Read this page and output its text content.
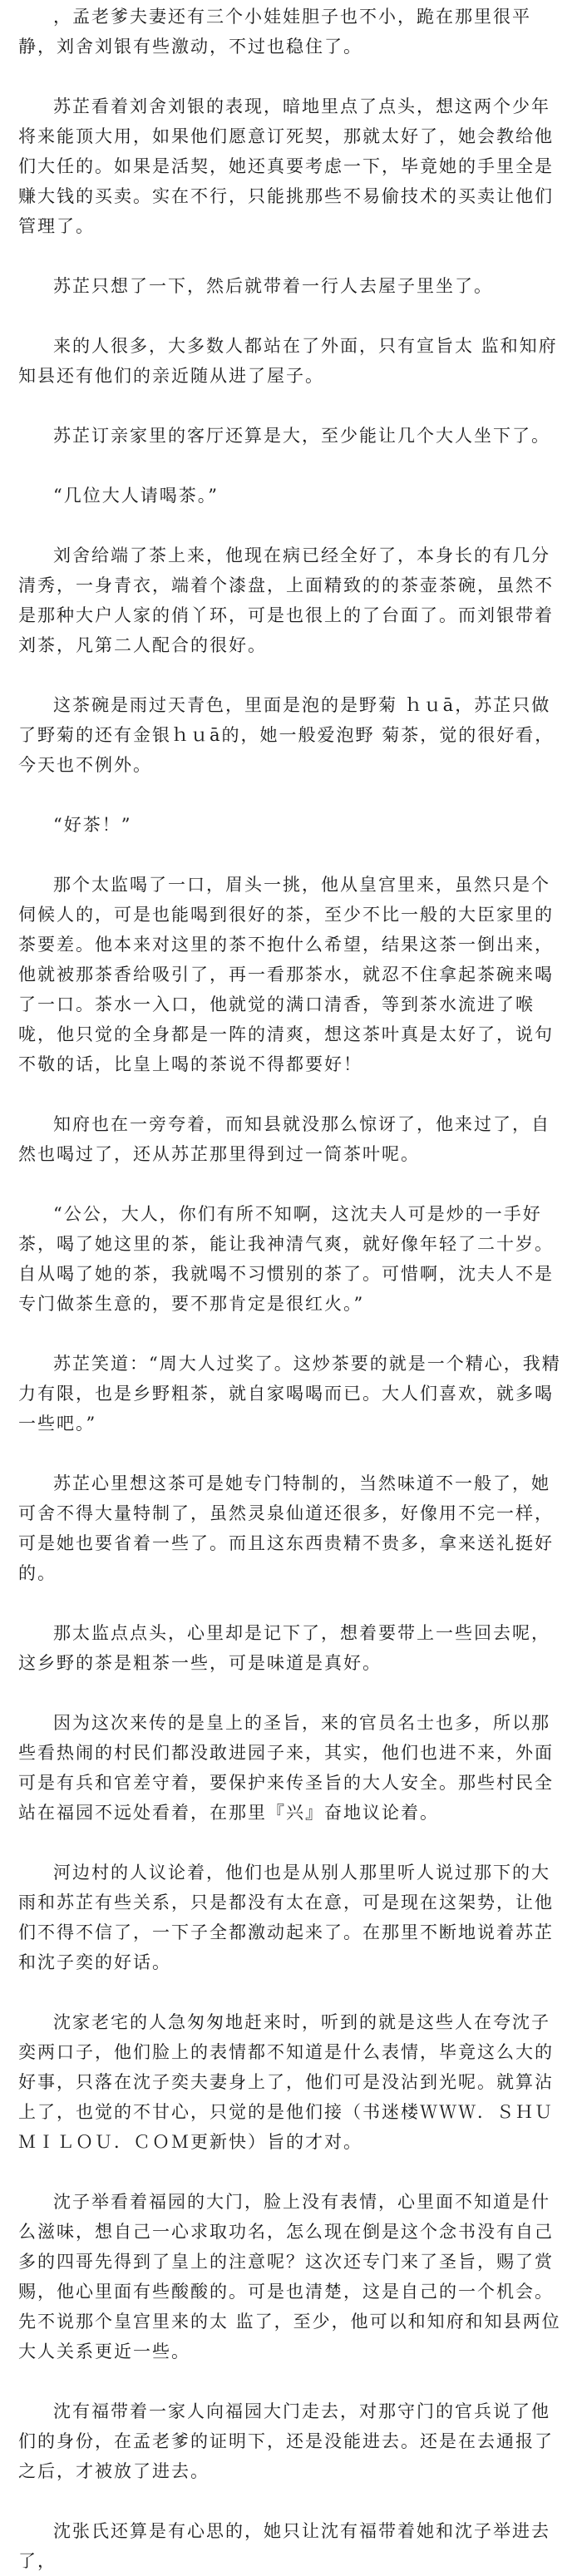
，孟老爹夫妻还有三个小娃娃胆子也不小，跪在那里很平静，刘舍刘银有些激动，不过也稳住了。

苏芷看着刘舍刘银的表现，暗地里点了点头，想这两个少年将来能顶大用，如果他们愿意订死契，那就太好了，她会教给他们大任的。如果是活契，她还真要考虑一下，毕竟她的手里全是赚大钱的买卖。实在不行，只能挑那些不易偷技术的买卖让他们管理了。

苏芷只想了一下，然后就带着一行人去屋子里坐了。

来的人很多，大多数人都站在了外面，只有宣旨太 监和知府知县还有他们的亲近随从进了屋子。

苏芷订亲家里的客厅还算是大，至少能让几个大人坐下了。

“几位大人请喝茶。”

刘舍给端了茶上来，他现在病已经全好了，本身长的有几分清秀，一身青衣，端着个漆盘，上面精致的的茶壶茶碗，虽然不是那种大户人家的俏丫环，可是也很上的了台面了。而刘银带着刘茶，凡第二人配合的很好。

这茶碗是雨过天青色，里面是泡的是野菊 ｈｕā，苏芷只做了野菊的还有金银ｈｕā的，她一般爱泡野 菊茶，觉的很好看，今天也不例外。

“好茶！”

那个太监喝了一口，眉头一挑，他从皇宫里来，虽然只是个伺候人的，可是也能喝到很好的茶，至少不比一般的大臣家里的茶要差。他本来对这里的茶不抱什么希望，结果这茶一倒出来，他就被那茶香给吸引了，再一看那茶水，就忍不住拿起茶碗来喝了一口。茶水一入口，他就觉的满口清香，等到茶水流进了喉咙，他只觉的全身都是一阵的清爽，想这茶叶真是太好了，说句不敬的话，比皇上喝的茶说不得都要好！

知府也在一旁夸着，而知县就没那么惊讶了，他来过了，自然也喝过了，还从苏芷那里得到过一筒茶叶呢。

“公公，大人，你们有所不知啊，这沈夫人可是炒的一手好茶，喝了她这里的茶，能让我神清气爽，就好像年轻了二十岁。自从喝了她的茶，我就喝不习惯别的茶了。可惜啊，沈夫人不是专门做茶生意的，要不那肯定是很红火。”

苏芷笑道：“周大人过奖了。这炒茶要的就是一个精心，我精力有限，也是乡野粗茶，就自家喝喝而已。大人们喜欢，就多喝一些吧。”

苏芷心里想这茶可是她专门特制的，当然味道不一般了，她可舍不得大量特制了，虽然灵泉仙道还很多，好像用不完一样，可是她也要省着一些了。而且这东西贵精不贵多，拿来送礼挺好的。

那太监点点头，心里却是记下了，想着要带上一些回去呢，这乡野的茶是粗茶一些，可是味道是真好。

因为这次来传的是皇上的圣旨，来的官员名士也多，所以那些看热闹的村民们都没敢进园子来，其实，他们也进不来，外面可是有兵和官差守着，要保护来传圣旨的大人安全。那些村民全站在福园不远处看着，在那里『兴』奋地议论着。

河边村的人议论着，他们也是从别人那里听人说过那下的大雨和苏芷有些关系，只是都没有太在意，可是现在这架势，让他们不得不信了，一下子全都激动起来了。在那里不断地说着苏芷和沈子奕的好话。

沈家老宅的人急匆匆地赶来时，听到的就是这些人在夸沈子奕两口子，他们脸上的表情都不知道是什么表情，毕竟这么大的好事，只落在沈子奕夫妻身上了，他们可是没沾到光呢。就算沾上了，也觉的不甘心，只觉的是他们接（书迷楼ＷＷＷ．ＳＨＵＭＩＬＯＵ．ＣＯＭ更新快）旨的才对。

沈子举看着福园的大门，脸上没有表情，心里面不知道是什么滋味，想自己一心求取功名，怎么现在倒是这个念书没有自己多的四哥先得到了皇上的注意呢？这次还专门来了圣旨，赐了赏赐，他心里面有些酸酸的。可是也清楚，这是自己的一个机会。先不说那个皇宫里来的太 监了，至少，他可以和知府和知县两位大人关系更近一些。

沈有福带着一家人向福园大门走去，对那守门的官兵说了他们的身份，在孟老爹的证明下，还是没能进去。还是在去通报了之后，才被放了进去。

沈张氏还算是有心思的，她只让沈有福带着她和沈子举进去了，
